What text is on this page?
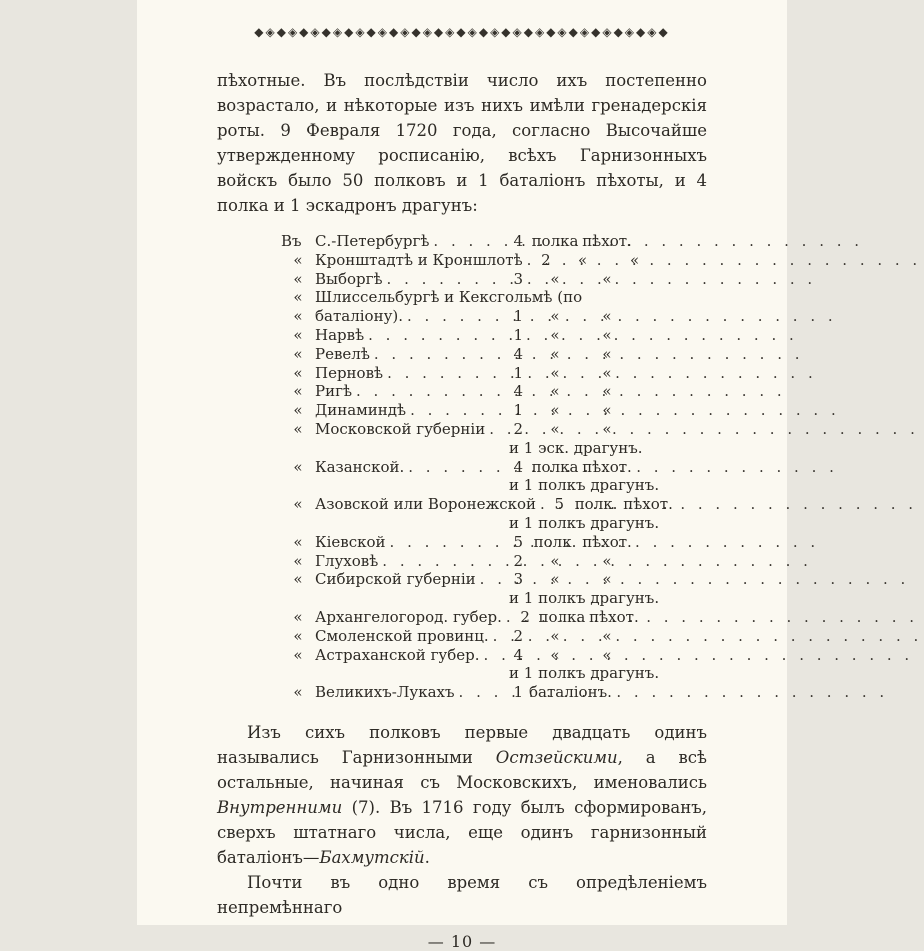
◆◈◆◈◆◈◆◈◆◈◆◈◆◈◆◈◆◈◆◈◆◈◆◈◆◈◆◈◆◈◆◈◆◈◆◈◆

пѣхотные. Въ послѣдствіи число ихъ постепенно возрастало, и нѣкоторые изъ нихъ имѣли гренадерскія роты. 9 Февраля 1720 года, согласно Высочайше утвержденному росписанію, всѣхъ Гарнизонныхъ войскъ было 50 полковъ и 1 баталіонъ пѣхоты, и 4 полка и 1 эскадронъ драгунъ:

Въ С.-Петербургѣ . . .	4 полка пѣхот.
« Кронштадтѣ и Кроншлотѣ . . . 2	«	«
« Выборгѣ . . .	3	«	«
« Шлиссельбургѣ и Кексгольмѣ (по
« баталіону). . . .	1	«	«
« Нарвѣ . . .	1	«	«
« Ревелѣ . . .	4	«	«
« Перновѣ . . .	1	«	«
« Ригѣ . . .	4	«	«
« Динаминдѣ . . .	1	«	«
« Московской губерніи . . . 2	«	«
и 1 эск. драгунъ.
« Казанской. . . .	4 полка пѣхот.
и 1 полкъ драгунъ.
« Азовской или Воронежской . . . 5 полк. пѣхот.
и 1 полкъ драгунъ.
« Кіевской . . .	5 полк. пѣхот.
« Глуховѣ . . .	2	«	«
« Сибирской губерніи . . .	3	«	«
и 1 полкъ драгунъ.
« Архангелогород. губер. . . . 2 полка пѣхот.
« Смоленской провинц. . . . 2	«	«
« Астраханской губер. . . . 4	«	«
и 1 полкъ драгунъ.
« Великихъ-Лукахъ . . .	1 баталіонъ.

Изъ сихъ полковъ первые двадцать одинъ назывались Гарнизонными Остзейскими, а всѣ остальные, начиная съ Московскихъ, именовались Внутренними (7). Въ 1716 году былъ сформированъ, сверхъ штатнаго числа, еще одинъ гарнизонный баталіонъ—Бахмутскій.

Почти въ одно время съ опредѣленіемъ непремѣннаго

— 10 —
